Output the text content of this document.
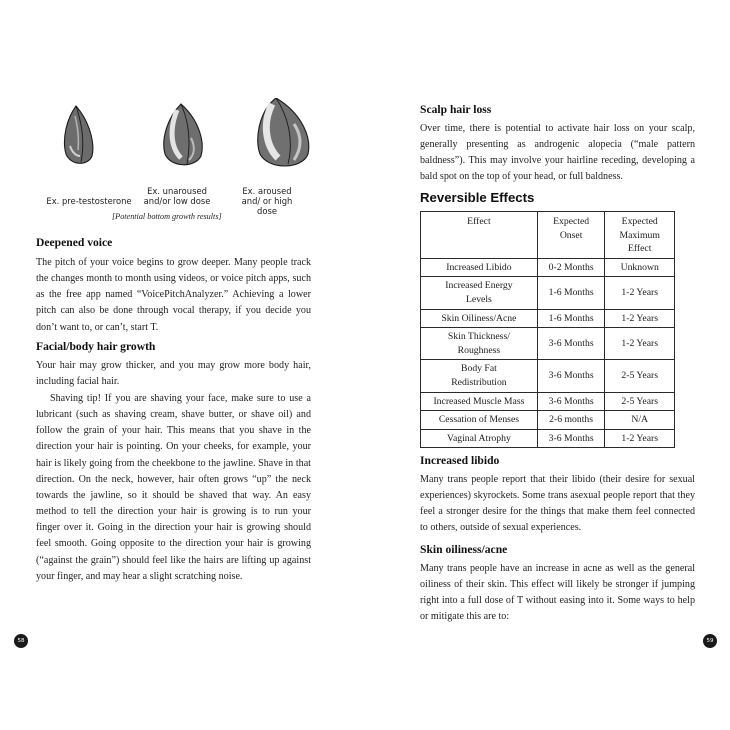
Ex. pre-testosterone
Ex. unaroused and/or low dose
Ex. aroused and/ or high dose
[Potential bottom growth results]
Deepened voice
The pitch of your voice begins to grow deeper. Many people track the changes month to month using videos, or voice pitch apps, such as the free app named “VoicePitchAnalyzer.” Achieving a lower pitch can also be done through vocal therapy, if you decide you don’t want to, or can’t, start T.
Facial/body hair growth
Your hair may grow thicker, and you may grow more body hair, including facial hair.
Shaving tip! If you are shaving your face, make sure to use a lubricant (such as shaving cream, shave butter, or shave oil) and follow the grain of your hair. This means that you shave in the direction your hair is pointing. On your cheeks, for example, your hair is likely going from the cheekbone to the jawline. Shave in that direction. On the neck, however, hair often grows “up” the neck towards the jawline, so it should be shaved that way. An easy method to tell the direction your hair is growing is to run your finger over it. Going in the direction your hair is growing should feel smooth. Going opposite to the direction your hair is growing (“against the grain”) should feel like the hairs are lifting up against your finger, and may hear a slight scratching noise.
58
Scalp hair loss
Over time, there is potential to activate hair loss on your scalp, generally presenting as androgenic alopecia (“male pattern baldness”). This may involve your hairline receding, developing a bald spot on the top of your head, or full baldness.
Reversible Effects
Effect	Expected Onset	Expected Maximum Effect
Increased Libido	0-2 Months	Unknown
Increased Energy Levels	1-6 Months	1-2 Years
Skin Oiliness/Acne	1-6 Months	1-2 Years
Skin Thickness/ Roughness	3-6 Months	1-2 Years
Body Fat Redistribution	3-6 Months	2-5 Years
Increased Muscle Mass	3-6 Months	2-5 Years
Cessation of Menses	2-6 months	N/A
Vaginal Atrophy	3-6 Months	1-2 Years
Increased libido
Many trans people report that their libido (their desire for sexual experiences) skyrockets. Some trans asexual people report that they feel a stronger desire for the things that make them feel connected to others, outside of sexual experiences.
Skin oiliness/acne
Many trans people have an increase in acne as well as the general oiliness of their skin. This effect will likely be stronger if jumping right into a full dose of T without easing into it. Some ways to help or mitigate this are to:
59
